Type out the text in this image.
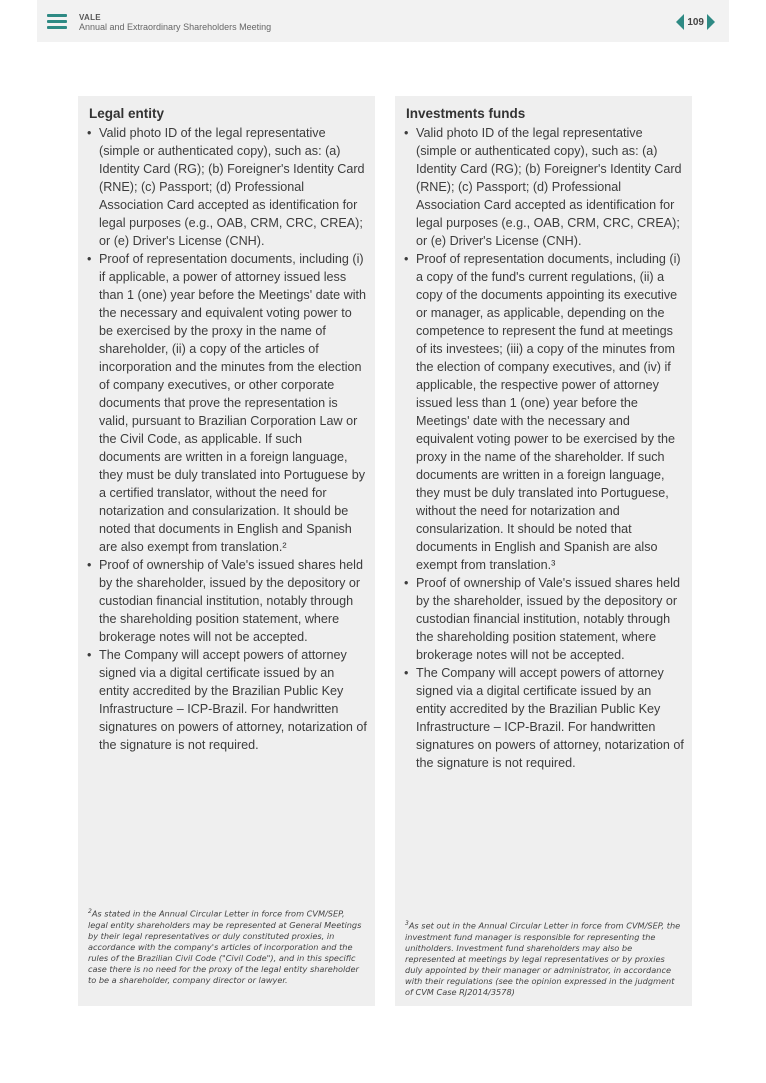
VALE
Annual and Extraordinary Shareholders Meeting	109
Legal entity
• Valid photo ID of the legal representative (simple or authenticated copy), such as: (a) Identity Card (RG); (b) Foreigner's Identity Card (RNE); (c) Passport; (d) Professional Association Card accepted as identification for legal purposes (e.g., OAB, CRM, CRC, CREA); or (e) Driver's License (CNH).
• Proof of representation documents, including (i) if applicable, a power of attorney issued less than 1 (one) year before the Meetings' date with the necessary and equivalent voting power to be exercised by the proxy in the name of shareholder, (ii) a copy of the articles of incorporation and the minutes from the election of company executives, or other corporate documents that prove the representation is valid, pursuant to Brazilian Corporation Law or the Civil Code, as applicable. If such documents are written in a foreign language, they must be duly translated into Portuguese by a certified translator, without the need for notarization and consularization. It should be noted that documents in English and Spanish are also exempt from translation.²
• Proof of ownership of Vale's issued shares held by the shareholder, issued by the depository or custodian financial institution, notably through the shareholding position statement, where brokerage notes will not be accepted.
• The Company will accept powers of attorney signed via a digital certificate issued by an entity accredited by the Brazilian Public Key Infrastructure – ICP-Brazil. For handwritten signatures on powers of attorney, notarization of the signature is not required.
$^2$As stated in the Annual Circular Letter in force from CVM/SEP, legal entity shareholders may be represented at General Meetings by their legal representatives or duly constituted proxies, in accordance with the company's articles of incorporation and the rules of the Brazilian Civil Code ("Civil Code"), and in this specific case there is no need for the proxy of the legal entity shareholder to be a shareholder, company director or lawyer.
Investments funds
• Valid photo ID of the legal representative (simple or authenticated copy), such as: (a) Identity Card (RG); (b) Foreigner's Identity Card (RNE); (c) Passport; (d) Professional Association Card accepted as identification for legal purposes (e.g., OAB, CRM, CRC, CREA); or (e) Driver's License (CNH).
• Proof of representation documents, including (i) a copy of the fund's current regulations, (ii) a copy of the documents appointing its executive or manager, as applicable, depending on the competence to represent the fund at meetings of its investees; (iii) a copy of the minutes from the election of company executives, and (iv) if applicable, the respective power of attorney issued less than 1 (one) year before the Meetings' date with the necessary and equivalent voting power to be exercised by the proxy in the name of the shareholder. If such documents are written in a foreign language, they must be duly translated into Portuguese, without the need for notarization and consularization. It should be noted that documents in English and Spanish are also exempt from translation.³
• Proof of ownership of Vale's issued shares held by the shareholder, issued by the depository or custodian financial institution, notably through the shareholding position statement, where brokerage notes will not be accepted.
• The Company will accept powers of attorney signed via a digital certificate issued by an entity accredited by the Brazilian Public Key Infrastructure – ICP-Brazil. For handwritten signatures on powers of attorney, notarization of the signature is not required.
$^3$As set out in the Annual Circular Letter in force from CVM/SEP, the investment fund manager is responsible for representing the unitholders. Investment fund shareholders may also be represented at meetings by legal representatives or by proxies duly appointed by their manager or administrator, in accordance with their regulations (see the opinion expressed in the judgment of CVM Case RJ2014/3578)
